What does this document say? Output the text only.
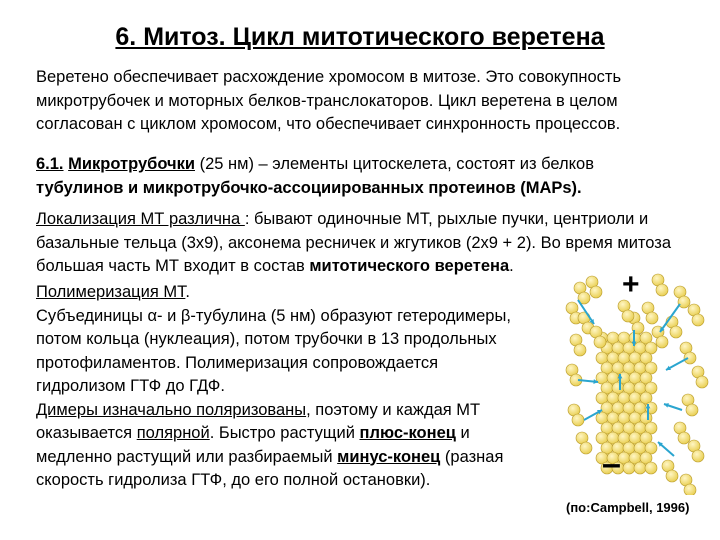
6. Митоз. Цикл митотического веретена

Веретено обеспечивает расхождение хромосом в митозе. Это совокупность микротрубочек и моторных белков-транслокаторов. Цикл веретена в целом согласован с циклом хромосом, что обеспечивает синхронность процессов.

6.1. Микротрубочки (25 нм) – элементы цитоскелета, состоят из белков
тубулинов и микротрубочко-ассоциированных протеинов (MAPs).

Локализация МТ различна : бывают одиночные МТ, рыхлые пучки, центриоли и базальные тельца (3х9), аксонема ресничек и жгутиков (2х9 + 2). Во время митоза большая часть МТ входит в состав митотического веретена.

Полимеризация МТ.
Субъединицы α- и β-тубулина (5 нм) образуют гетеродимеры,
потом кольца (нуклеация), потом трубочки в 13 продольных
протофиламентов. Полимеризация сопровождается
гидролизом ГТФ до ГДФ.
Димеры изначально поляризованы, поэтому и каждая МТ
оказывается полярной. Быстро растущий плюс-конец и
медленно растущий или разбираемый минус-конец (разная
скорость гидролиза ГТФ, до его полной остановки).
+
–
(по:Campbell, 1996)
